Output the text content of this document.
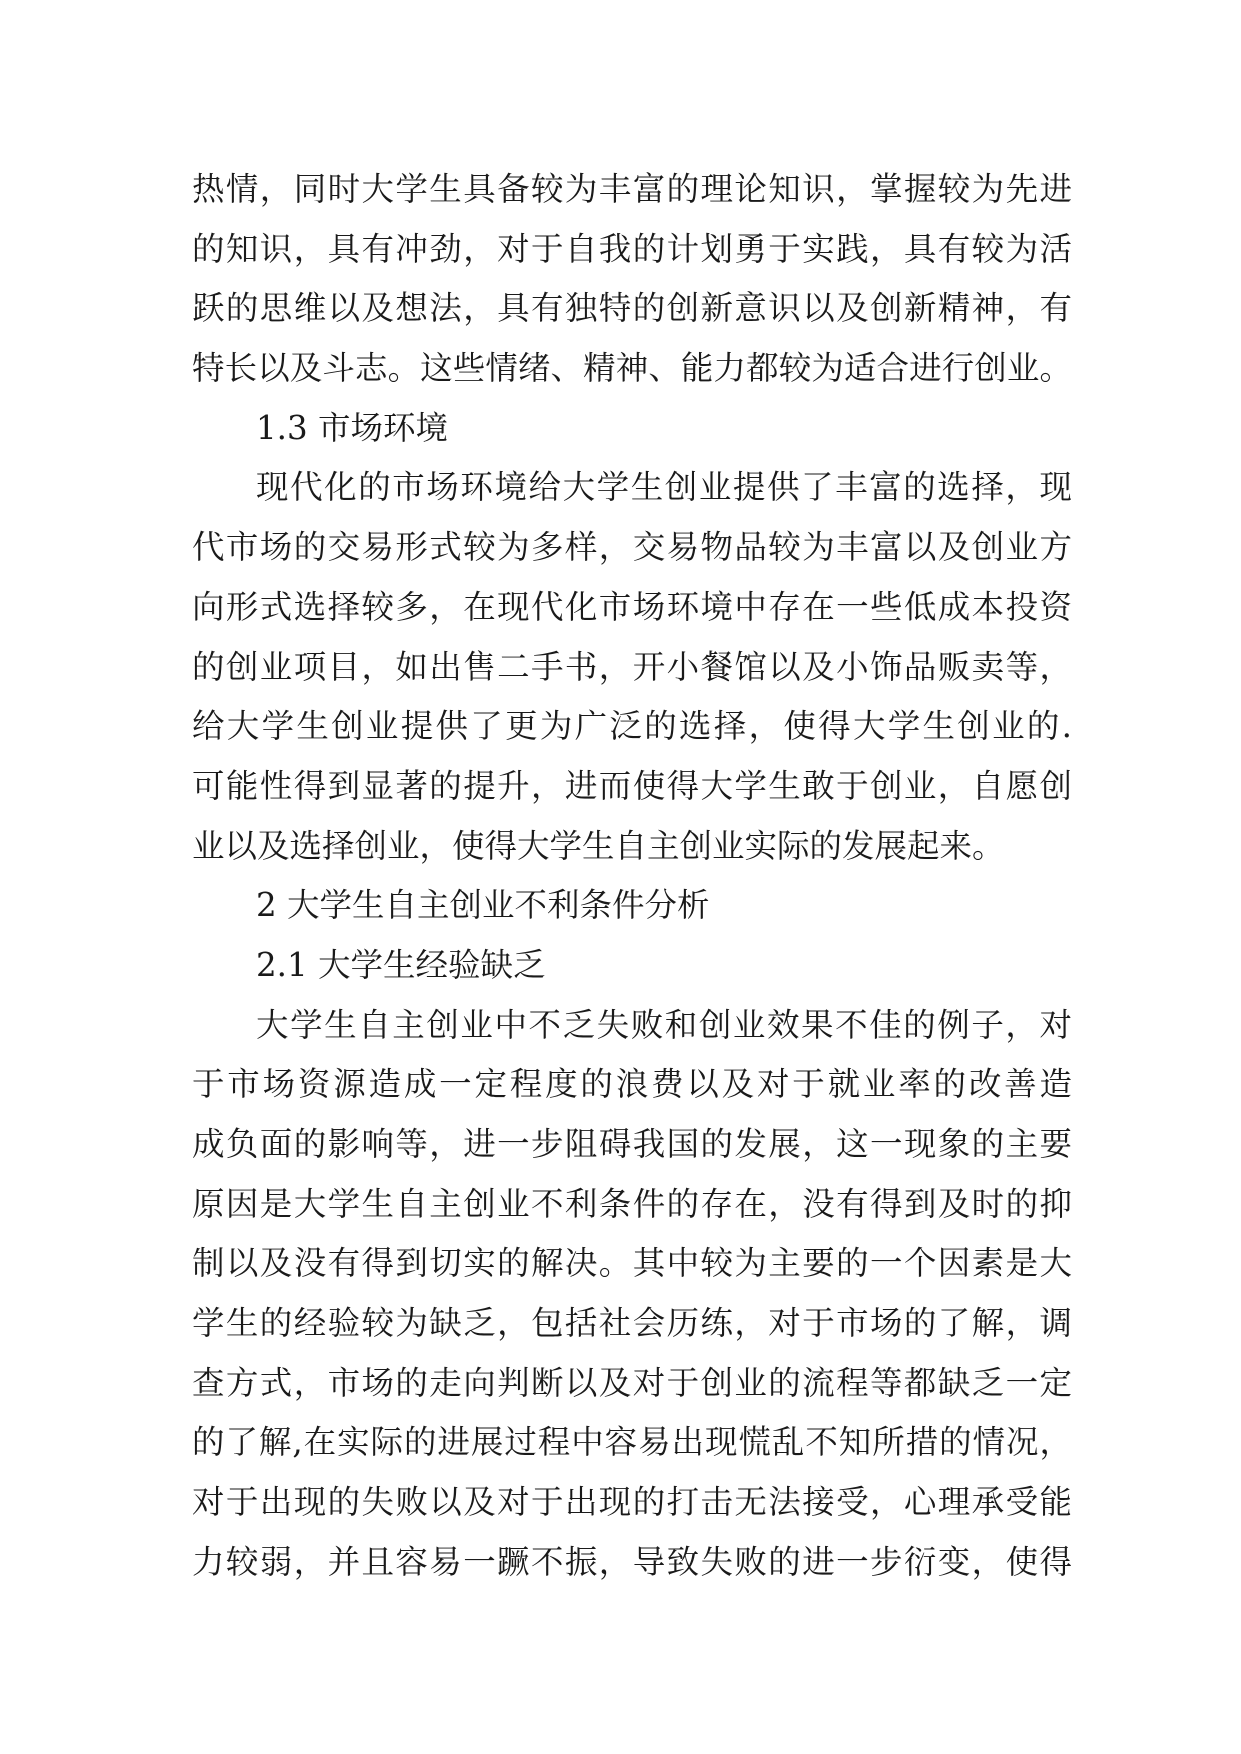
热情，同时大学生具备较为丰富的理论知识，掌握较为先进
的知识，具有冲劲，对于自我的计划勇于实践，具有较为活
跃的思维以及想法，具有独特的创新意识以及创新精神，有
特长以及斗志。这些情绪、精神、能力都较为适合进行创业。
1.3 市场环境
现代化的市场环境给大学生创业提供了丰富的选择，现
代市场的交易形式较为多样，交易物品较为丰富以及创业方
向形式选择较多，在现代化市场环境中存在一些低成本投资
的创业项目，如出售二手书，开小餐馆以及小饰品贩卖等，
给大学生创业提供了更为广泛的选择，使得大学生创业的.
可能性得到显著的提升，进而使得大学生敢于创业，自愿创
业以及选择创业，使得大学生自主创业实际的发展起来。
2 大学生自主创业不利条件分析
2.1 大学生经验缺乏
大学生自主创业中不乏失败和创业效果不佳的例子，对
于市场资源造成一定程度的浪费以及对于就业率的改善造
成负面的影响等，进一步阻碍我国的发展，这一现象的主要
原因是大学生自主创业不利条件的存在，没有得到及时的抑
制以及没有得到切实的解决。其中较为主要的一个因素是大
学生的经验较为缺乏，包括社会历练，对于市场的了解，调
查方式，市场的走向判断以及对于创业的流程等都缺乏一定
的了解,在实际的进展过程中容易出现慌乱不知所措的情况，
对于出现的失败以及对于出现的打击无法接受，心理承受能
力较弱，并且容易一蹶不振，导致失败的进一步衍变，使得
